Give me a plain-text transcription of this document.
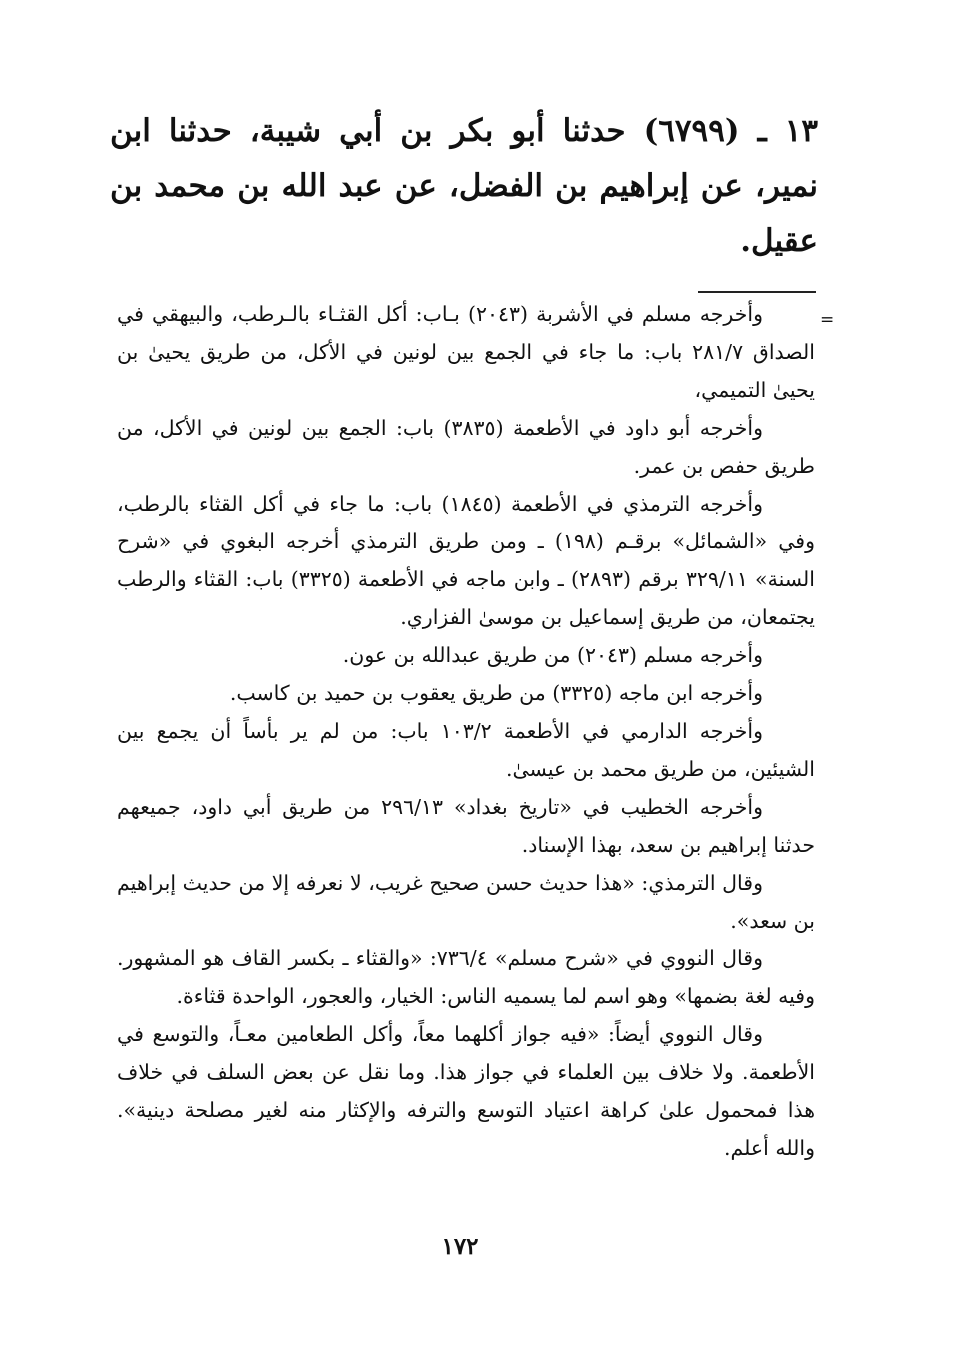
١٣ ـ (٦٧٩٩) حدثنا أبو بكر بن أبي شيبة، حدثنا ابن نمير، عن إبراهيم بن الفضل، عن عبد الله بن محمد بن عقيل.
=

وأخرجه مسلم في الأشربة (٢٠٤٣) بـاب: أكل القثـاء بالـرطب، والبيهقي في الصداق ٢٨١/٧ باب: ما جاء في الجمع بين لونين في الأكل، من طريق يحيىٰ بن يحيىٰ التميمي،

وأخرجه أبو داود في الأطعمة (٣٨٣٥) باب: الجمع بين لونين في الأكل، من طريق حفص بن عمر.

وأخرجه الترمذي في الأطعمة (١٨٤٥) باب: ما جاء في أكل القثاء بالرطب، وفي «الشمائل» برقـم (١٩٨) ـ ومن طريق الترمذي أخرجه البغوي في «شرح السنة» ٣٢٩/١١ برقم (٢٨٩٣) ـ وابن ماجه في الأطعمة (٣٣٢٥) باب: القثاء والرطب يجتمعان، من طريق إسماعيل بن موسىٰ الفزاري.

وأخرجه مسلم (٢٠٤٣) من طريق عبدالله بن عون.

وأخرجه ابن ماجه (٣٣٢٥) من طريق يعقوب بن حميد بن كاسب.

وأخرجه الدارمي في الأطعمة ١٠٣/٢ باب: من لم ير بأساً أن يجمع بين الشيئين، من طريق محمد بن عيسىٰ.

وأخرجه الخطيب في «تاريخ بغداد» ٢٩٦/١٣ من طريق أبي داود، جميعهم حدثنا إبراهيم بن سعد، بهذا الإسناد.

وقال الترمذي: «هذا حديث حسن صحيح غريب، لا نعرفه إلا من حديث إبراهيم بن سعد».

وقال النووي في «شرح مسلم» ٧٣٦/٤: «والقثاء ـ بكسر القاف هو المشهور. وفيه لغة بضمها» وهو اسم لما يسميه الناس: الخيار، والعجور، الواحدة قثاءة.

وقال النووي أيضاً: «فيه جواز أكلهما معاً، وأكل الطعامين معـاً، والتوسع في الأطعمة. ولا خلاف بين العلماء في جواز هذا. وما نقل عن بعض السلف في خلاف هذا فمحمول علىٰ كراهة اعتياد التوسع والترفه والإكثار منه لغير مصلحة دينية». والله أعلم.

١٧٢
